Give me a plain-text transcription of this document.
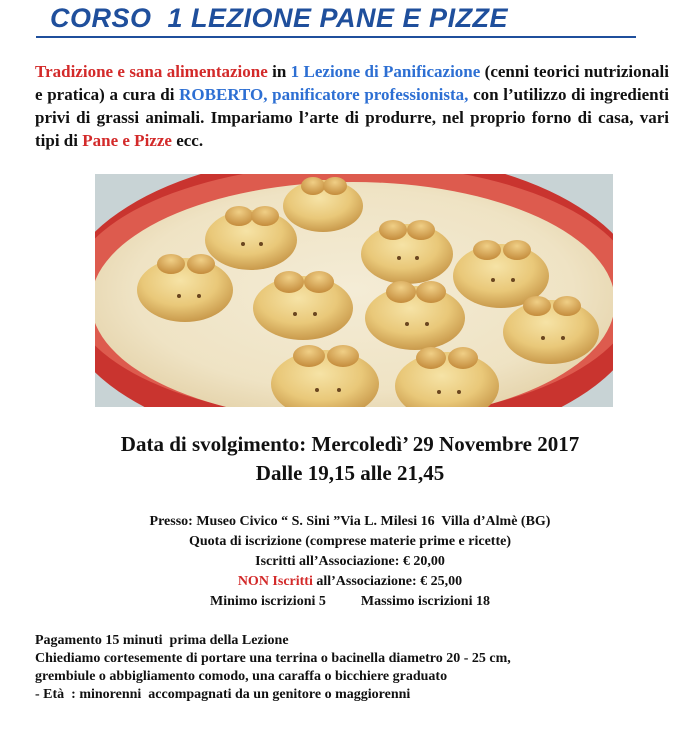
CORSO  1 LEZIONE PANE E PIZZE
Tradizione e sana alimentazione in 1 Lezione di Panificazione (cenni teorici nutrizionali e pratica) a cura di ROBERTO, panificatore professionista, con l’utilizzo di ingredienti privi di grassi animali. Impariamo l’arte di produrre, nel proprio forno di casa, vari tipi di Pane e Pizze ecc.
Data di svolgimento: Mercoledì’ 29 Novembre 2017
Dalle 19,15 alle 21,45
Presso: Museo Civico “ S. Sini ”Via L. Milesi 16  Villa d’Almè (BG)
Quota di iscrizione (comprese materie prime e ricette)
Iscritti all’Associazione: € 20,00
NON Iscritti all’Associazione: € 25,00
Minimo iscrizioni 5	Massimo iscrizioni 18
Pagamento 15 minuti  prima della Lezione
Chiediamo cortesemente di portare una terrina o bacinella diametro 20 - 25 cm,
grembiule o abbigliamento comodo, una caraffa o bicchiere graduato
- Età  : minorenni  accompagnati da un genitore o maggiorenni
